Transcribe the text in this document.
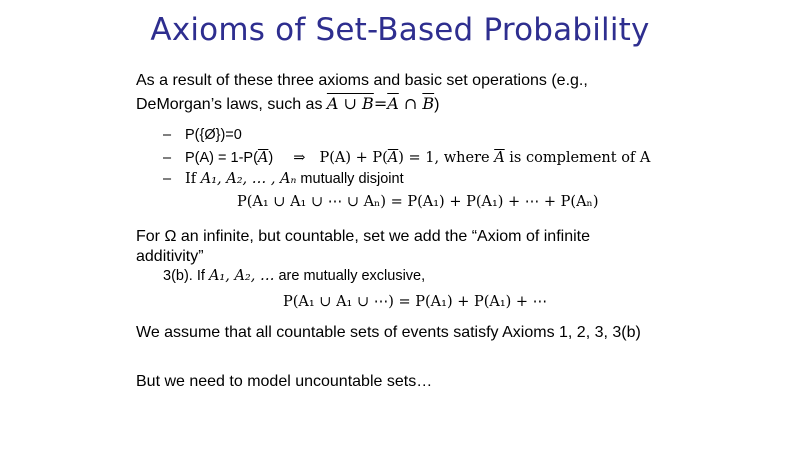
Axioms of Set-Based Probability
As a result of these three axioms and basic set operations (e.g.,
DeMorgan’s laws, such as A ∪ $B=\overline{A}$ ∩ $\overline{B}$)
– P({Ø})=0
– $P(A) = 1-P(\overline{A})$ ⇒ $P(A) + P(\overline{A}) = 1$, where $\overline{A}$ is complement of A
– If A₁, A₂, … , Aₙ mutually disjoint
P(A₁ ∪ A₁ ∪ ⋯ ∪ Aₙ) = P(A₁) + P(A₁) + ⋯ + P(Aₙ)
For Ω an infinite, but countable, set we add the “Axiom of infinite
additivity”
3(b). If A₁, A₂, … are mutually exclusive,
P(A₁ ∪ A₁ ∪ ⋯) = P(A₁) + P(A₁) + ⋯
We assume that all countable sets of events satisfy Axioms 1, 2, 3, 3(b)
But we need to model uncountable sets…
